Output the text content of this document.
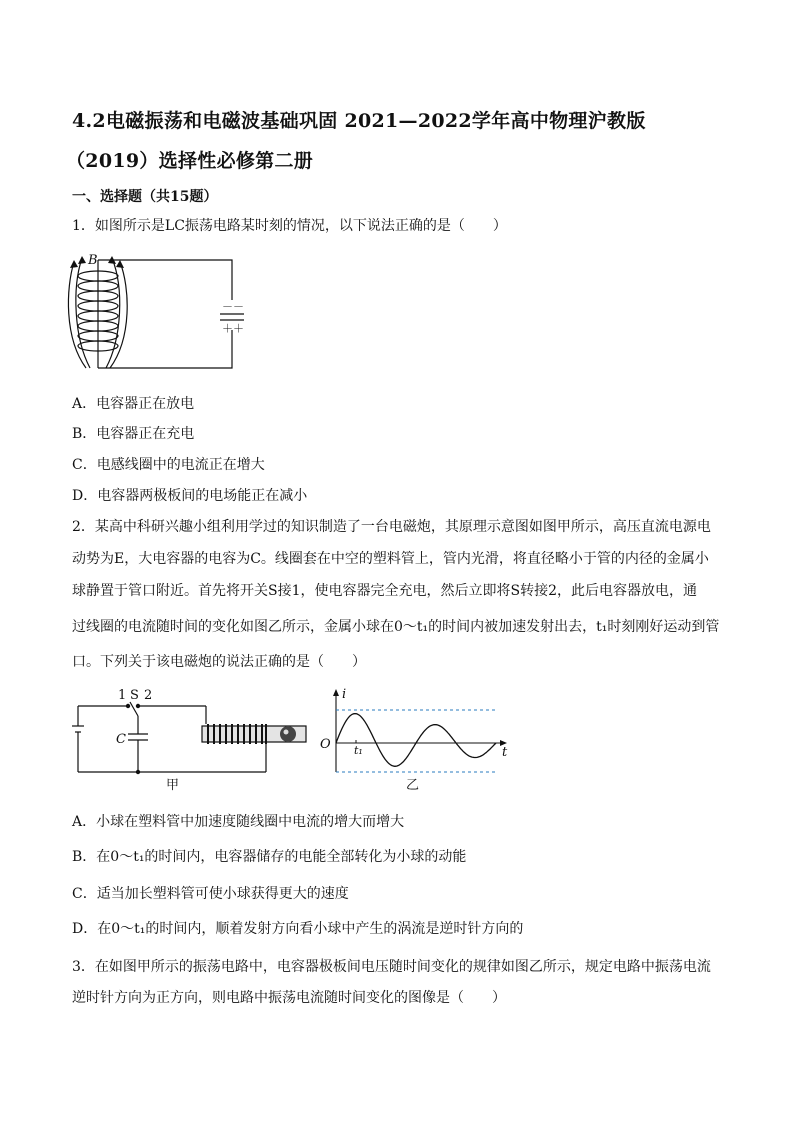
4.2电磁振荡和电磁波基础巩固 2021—2022学年高中物理沪教版
（2019）选择性必修第二册
一、选择题（共15题）
1．如图所示是LC振荡电路某时刻的情况，以下说法正确的是（　　）
B
－－
＋＋
A．电容器正在放电
B．电容器正在充电
C．电感线圈中的电流正在增大
D．电容器两极板间的电场能正在减小
2．某高中科研兴趣小组利用学过的知识制造了一台电磁炮，其原理示意图如图甲所示，高压直流电源电
动势为E，大电容器的电容为C。线圈套在中空的塑料管上，管内光滑，将直径略小于管的内径的金属小
球静置于管口附近。首先将开关S接1，使电容器完全充电，然后立即将S转接2，此后电容器放电，通
过线圈的电流随时间的变化如图乙所示，金属小球在0～t₁的时间内被加速发射出去，t₁时刻刚好运动到管
口。下列关于该电磁炮的说法正确的是（　　）
1 S 2
C
甲
i
O t₁	t
乙
A．小球在塑料管中加速度随线圈中电流的增大而增大
B．在0～t₁的时间内，电容器储存的电能全部转化为小球的动能
C．适当加长塑料管可使小球获得更大的速度
D．在0～t₁的时间内，顺着发射方向看小球中产生的涡流是逆时针方向的
3．在如图甲所示的振荡电路中，电容器极板间电压随时间变化的规律如图乙所示，规定电路中振荡电流
逆时针方向为正方向，则电路中振荡电流随时间变化的图像是（　　）
